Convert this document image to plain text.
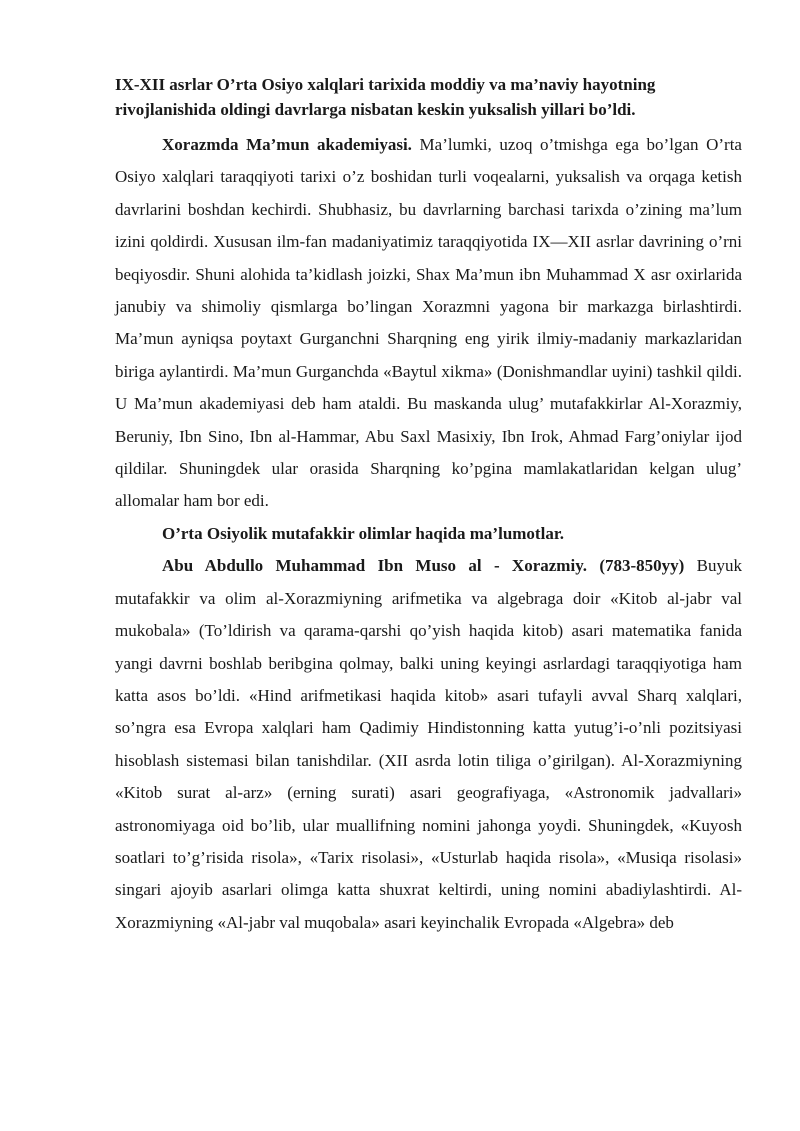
IX-XII asrlar O’rta Osiyo xalqlari tarixida moddiy va ma’naviy hayotning rivojlanishida oldingi davrlarga nisbatan keskin yuksalish yillari bo’ldi.

Xorazmda Ma’mun akademiyasi. Ma’lumki, uzoq o’tmishga ega bo’lgan O’rta Osiyo xalqlari taraqqiyoti tarixi o’z boshidan turli voqealarni, yuksalish va orqaga ketish davrlarini boshdan kechirdi. Shubhasiz, bu davrlarning barchasi tarixda o’zining ma’lum izini qoldirdi. Xususan ilm-fan madaniyatimiz taraqqiyotida IX—XII asrlar davrining o’rni beqiyosdir. Shuni alohida ta’kidlash joizki, Shax Ma’mun ibn Muhammad X asr oxirlarida janubiy va shimoliy qismlarga bo’lingan Xorazmni yagona bir markazga birlashtirdi. Ma’mun ayniqsa poytaxt Gurganchni Sharqning eng yirik ilmiy-madaniy markazlaridan biriga aylantirdi. Ma’mun Gurganchda «Baytul xikma» (Donishmandlar uyini) tashkil qildi. U Ma’mun akademiyasi deb ham ataldi. Bu maskanda ulug’ mutafakkirlar Al-Xorazmiy, Beruniy, Ibn Sino, Ibn al-Hammar, Abu Saxl Masixiy, Ibn Irok, Ahmad Farg’oniylar ijod qildilar. Shuningdek ular orasida Sharqning ko’pgina mamlakatlaridan kelgan ulug’ allomalar ham bor edi.

O’rta Osiyolik mutafakkir olimlar haqida ma’lumotlar.

Abu Abdullo Muhammad Ibn Muso al - Xorazmiy. (783-850yy) Buyuk mutafakkir va olim al-Xorazmiyning arifmetika va algebraga doir «Kitob al-jabr val mukobala» (To’ldirish va qarama-qarshi qo’yish haqida kitob) asari matematika fanida yangi davrni boshlab beribgina qolmay, balki uning keyingi asrlardagi taraqqiyotiga ham katta asos bo’ldi. «Hind arifmetikasi haqida kitob» asari tufayli avval Sharq xalqlari, so’ngra esa Evropa xalqlari ham Qadimiy Hindistonning katta yutug’i-o’nli pozitsiyasi hisoblash sistemasi bilan tanishdilar. (XII asrda lotin tiliga o’girilgan). Al-Xorazmiyning «Kitob surat al-arz» (erning surati) asari geografiyaga, «Astronomik jadvallari» astronomiyaga oid bo’lib, ular muallifning nomini jahonga yoydi. Shuningdek, «Kuyosh soatlari to’g’risida risola», «Tarix risolasi», «Usturlab haqida risola», «Musiqa risolasi» singari ajoyib asarlari olimga katta shuxrat keltirdi, uning nomini abadiylashtirdi. Al-Xorazmiyning «Al-jabr val muqobala» asari keyinchalik Evropada «Algebra» deb
